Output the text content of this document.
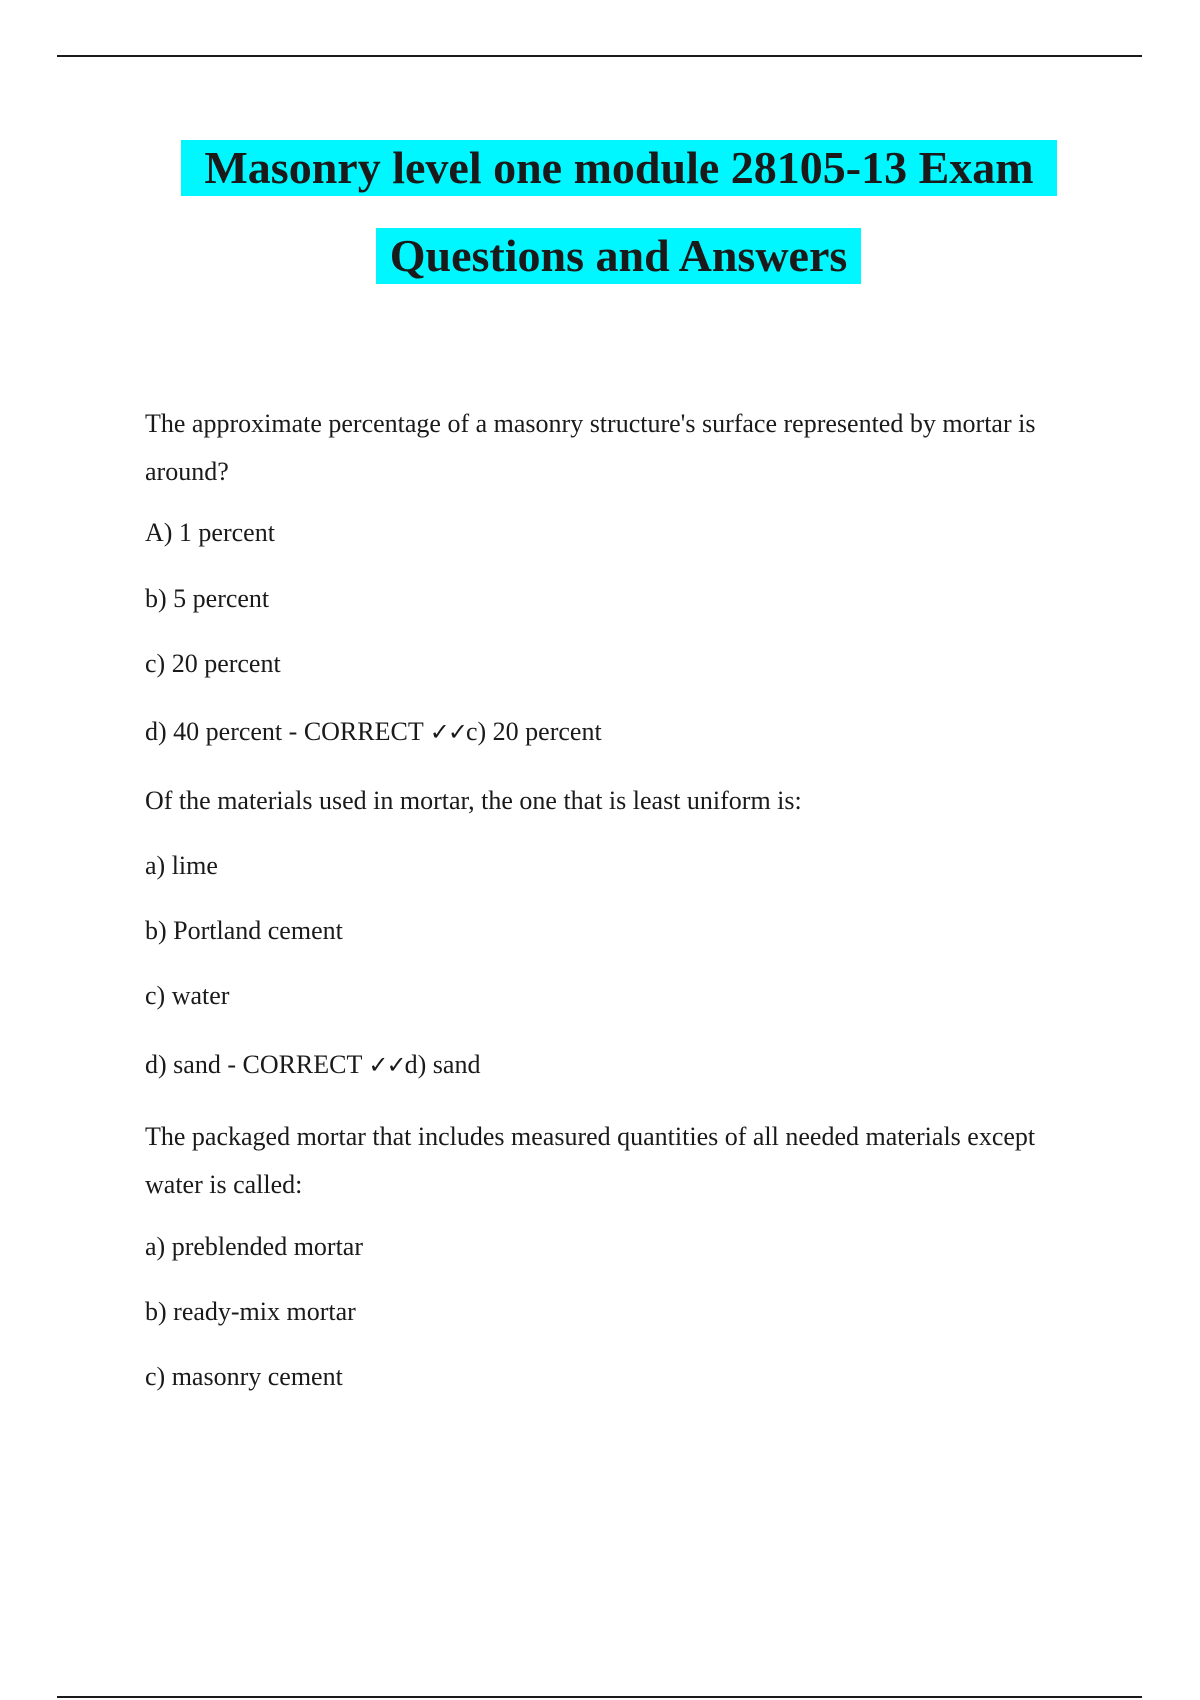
Masonry level one module 28105-13 Exam
Questions and Answers
The approximate percentage of a masonry structure's surface represented by mortar is around?
A) 1 percent
b) 5 percent
c) 20 percent
d) 40 percent - CORRECT ✓✓c) 20 percent
Of the materials used in mortar, the one that is least uniform is:
a) lime
b) Portland cement
c) water
d) sand - CORRECT ✓✓d) sand
The packaged mortar that includes measured quantities of all needed materials except water is called:
a) preblended mortar
b) ready-mix mortar
c) masonry cement
